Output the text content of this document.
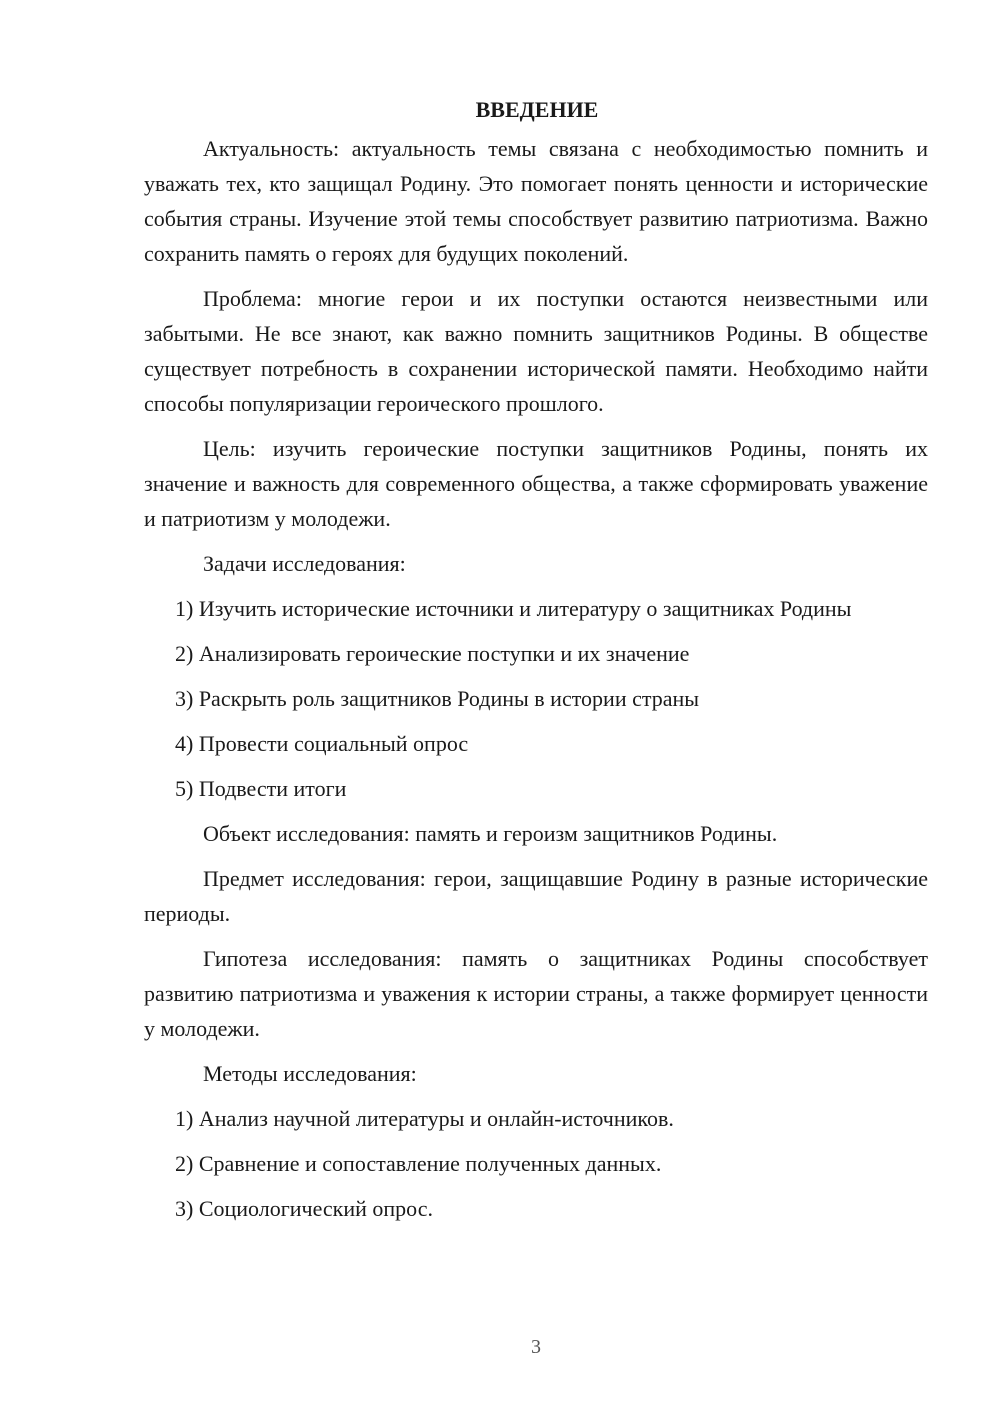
ВВЕДЕНИЕ

Актуальность: актуальность темы связана с необходимостью помнить и уважать тех, кто защищал Родину. Это помогает понять ценности и исторические события страны. Изучение этой темы способствует развитию патриотизма. Важно сохранить память о героях для будущих поколений.

Проблема: многие герои и их поступки остаются неизвестными или забытыми. Не все знают, как важно помнить защитников Родины. В обществе существует потребность в сохранении исторической памяти. Необходимо найти способы популяризации героического прошлого.

Цель: изучить героические поступки защитников Родины, понять их значение и важность для современного общества, а также сформировать уважение и патриотизм у молодежи.

Задачи исследования:

1) Изучить исторические источники и литературу о защитниках Родины

2) Анализировать героические поступки и их значение

3) Раскрыть роль защитников Родины в истории страны

4) Провести социальный опрос

5) Подвести итоги

Объект исследования: память и героизм защитников Родины.

Предмет исследования: герои, защищавшие Родину в разные исторические периоды.

Гипотеза исследования: память о защитниках Родины способствует развитию патриотизма и уважения к истории страны, а также формирует ценности у молодежи.

Методы исследования:

1) Анализ научной литературы и онлайн-источников.

2) Сравнение и сопоставление полученных данных.

3) Социологический опрос.

3
